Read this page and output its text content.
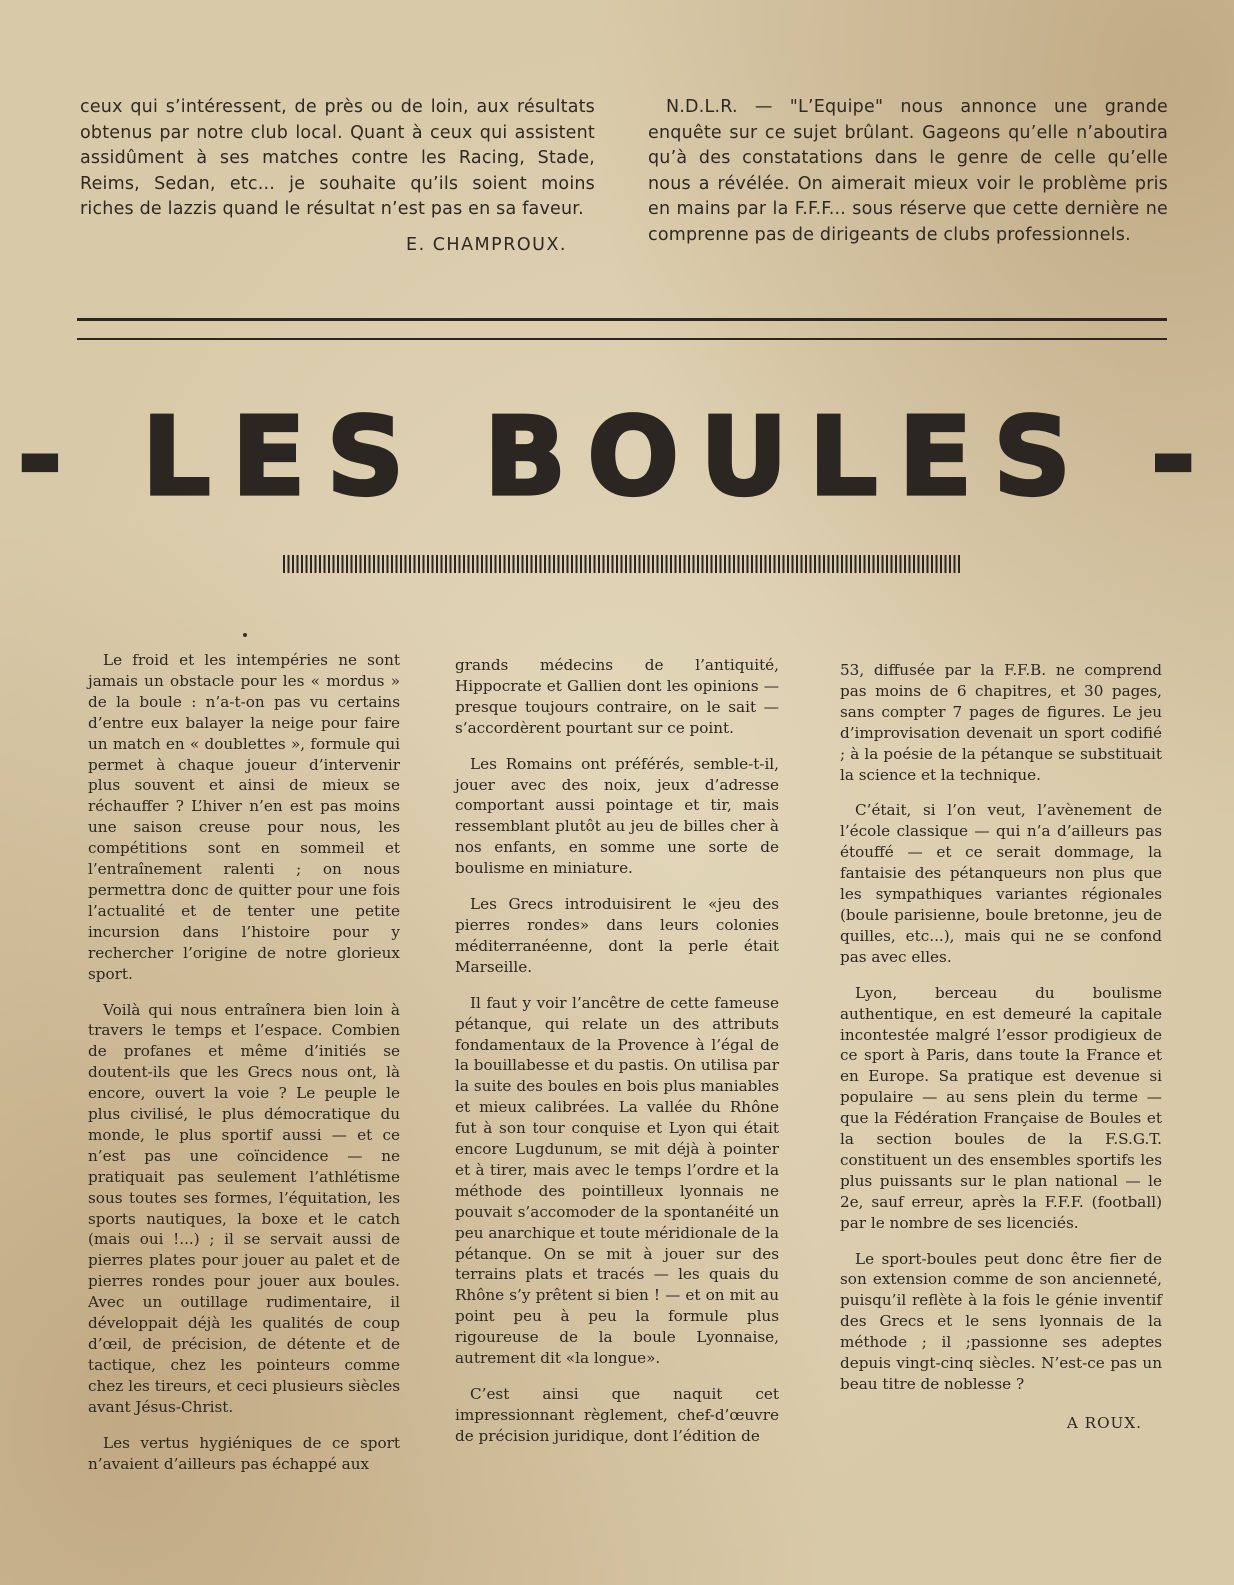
ceux qui s’intéressent, de près ou de loin, aux résultats obtenus par notre club local. Quant à ceux qui assistent assidûment à ses matches contre les Racing, Stade, Reims, Sedan, etc... je souhaite qu’ils soient moins riches de lazzis quand le résultat n’est pas en sa faveur.

E. CHAMPROUX.

N.D.L.R. — "L’Equipe" nous annonce une grande enquête sur ce sujet brûlant. Gageons qu’elle n’aboutira qu’à des constatations dans le genre de celle qu’elle nous a révélée. On aimerait mieux voir le problème pris en mains par la F.F.F... sous réserve que cette dernière ne comprenne pas de dirigeants de clubs professionnels.

- LES BOULES -

Le froid et les intempéries ne sont jamais un obstacle pour les « mordus » de la boule : n’a-t-on pas vu certains d’entre eux balayer la neige pour faire un match en « doublettes », formule qui permet à chaque joueur d’intervenir plus souvent et ainsi de mieux se réchauffer ? L’hiver n’en est pas moins une saison creuse pour nous, les compétitions sont en sommeil et l’entraînement ralenti ; on nous permettra donc de quitter pour une fois l’actualité et de tenter une petite incursion dans l’histoire pour y rechercher l’origine de notre glorieux sport.

Voilà qui nous entraînera bien loin à travers le temps et l’espace. Combien de profanes et même d’initiés se doutent-ils que les Grecs nous ont, là encore, ouvert la voie ? Le peuple le plus civilisé, le plus démocratique du monde, le plus sportif aussi — et ce n’est pas une coïncidence — ne pratiquait pas seulement l’athlétisme sous toutes ses formes, l’équitation, les sports nautiques, la boxe et le catch (mais oui !...) ; il se servait aussi de pierres plates pour jouer au palet et de pierres rondes pour jouer aux boules. Avec un outillage rudimentaire, il développait déjà les qualités de coup d’œil, de précision, de détente et de tactique, chez les pointeurs comme chez les tireurs, et ceci plusieurs siècles avant Jésus-Christ.

Les vertus hygiéniques de ce sport n’avaient d’ailleurs pas échappé aux

grands médecins de l’antiquité, Hippocrate et Gallien dont les opinions — presque toujours contraire, on le sait — s’accordèrent pourtant sur ce point.

Les Romains ont préférés, semble-t-il, jouer avec des noix, jeux d’adresse comportant aussi pointage et tir, mais ressemblant plutôt au jeu de billes cher à nos enfants, en somme une sorte de boulisme en miniature.

Les Grecs introduisirent le «jeu des pierres rondes» dans leurs colonies méditerranéenne, dont la perle était Marseille.

Il faut y voir l’ancêtre de cette fameuse pétanque, qui relate un des attributs fondamentaux de la Provence à l’égal de la bouillabesse et du pastis. On utilisa par la suite des boules en bois plus maniables et mieux calibrées. La vallée du Rhône fut à son tour conquise et Lyon qui était encore Lugdunum, se mit déjà à pointer et à tirer, mais avec le temps l’ordre et la méthode des pointilleux lyonnais ne pouvait s’accomoder de la spontanéité un peu anarchique et toute méridionale de la pétanque. On se mit à jouer sur des terrains plats et tracés — les quais du Rhône s’y prêtent si bien ! — et on mit au point peu à peu la formule plus rigoureuse de la boule Lyonnaise, autrement dit «la longue».

C’est ainsi que naquit cet impressionnant règlement, chef-d’œuvre de précision juridique, dont l’édition de

53, diffusée par la F.F.B. ne comprend pas moins de 6 chapitres, et 30 pages, sans compter 7 pages de figures. Le jeu d’improvisation devenait un sport codifié ; à la poésie de la pétanque se substituait la science et la technique.

C’était, si l’on veut, l’avènement de l’école classique — qui n’a d’ailleurs pas étouffé — et ce serait dommage, la fantaisie des pétanqueurs non plus que les sympathiques variantes régionales (boule parisienne, boule bretonne, jeu de quilles, etc...), mais qui ne se confond pas avec elles.

Lyon, berceau du boulisme authentique, en est demeuré la capitale incontestée malgré l’essor prodigieux de ce sport à Paris, dans toute la France et en Europe. Sa pratique est devenue si populaire — au sens plein du terme — que la Fédération Française de Boules et la section boules de la F.S.G.T. constituent un des ensembles sportifs les plus puissants sur le plan national — le 2e, sauf erreur, après la F.F.F. (football) par le nombre de ses licenciés.

Le sport-boules peut donc être fier de son extension comme de son ancienneté, puisqu’il reflète à la fois le génie inventif des Grecs et le sens lyonnais de la méthode ; il ;passionne ses adeptes depuis vingt-cinq siècles. N’est-ce pas un beau titre de noblesse ?

A ROUX.
